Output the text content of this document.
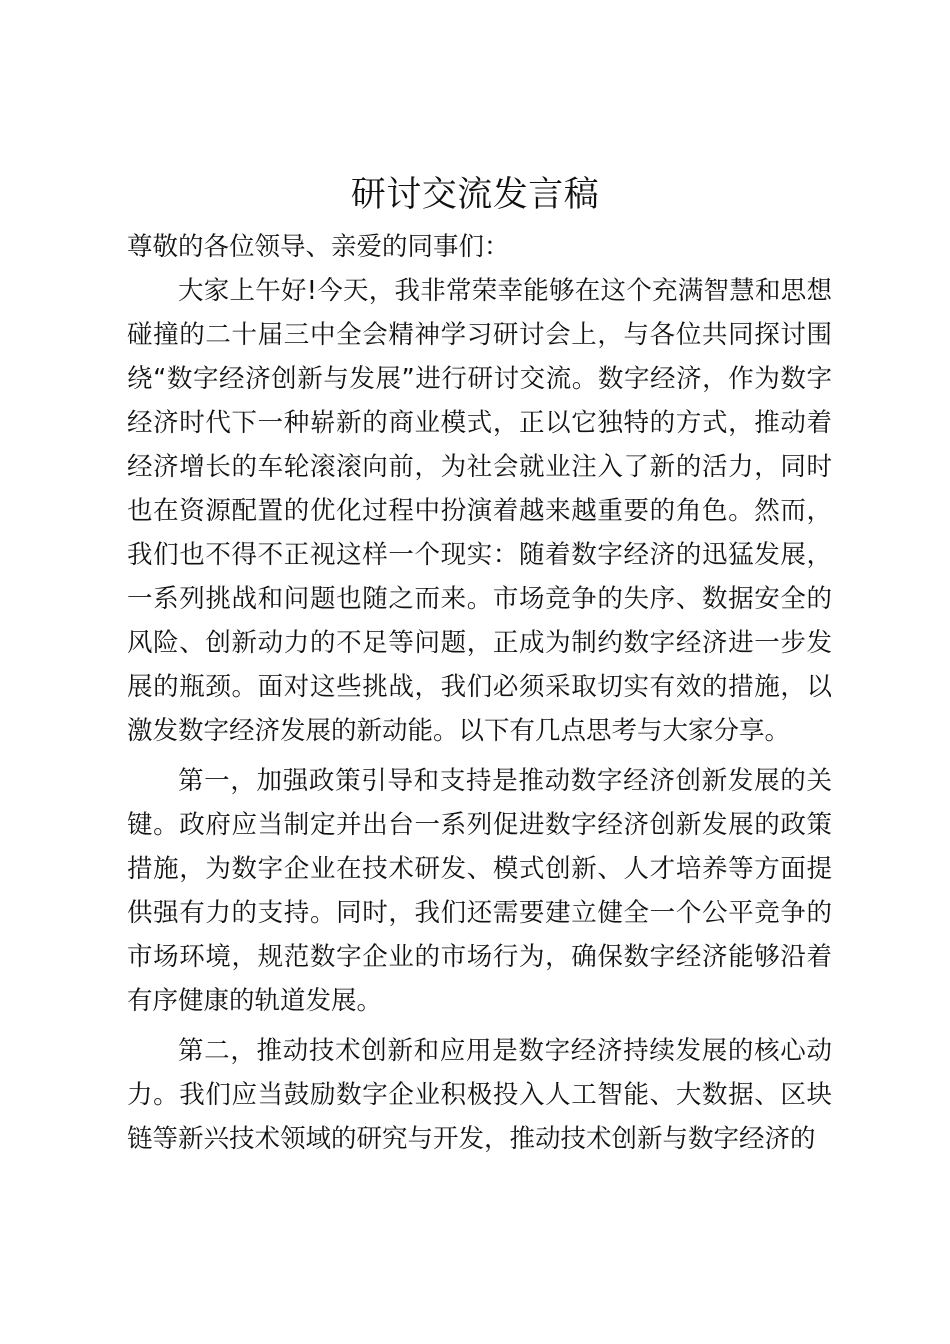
研讨交流发言稿

尊敬的各位领导、亲爱的同事们：

大家上午好!今天，我非常荣幸能够在这个充满智慧和思想碰撞的二十届三中全会精神学习研讨会上，与各位共同探讨围绕“数字经济创新与发展”进行研讨交流。数字经济，作为数字经济时代下一种崭新的商业模式，正以它独特的方式，推动着经济增长的车轮滚滚向前，为社会就业注入了新的活力，同时也在资源配置的优化过程中扮演着越来越重要的角色。然而，我们也不得不正视这样一个现实：随着数字经济的迅猛发展，一系列挑战和问题也随之而来。市场竞争的失序、数据安全的风险、创新动力的不足等问题，正成为制约数字经济进一步发展的瓶颈。面对这些挑战，我们必须采取切实有效的措施，以激发数字经济发展的新动能。以下有几点思考与大家分享。

第一，加强政策引导和支持是推动数字经济创新发展的关键。政府应当制定并出台一系列促进数字经济创新发展的政策措施，为数字企业在技术研发、模式创新、人才培养等方面提供强有力的支持。同时，我们还需要建立健全一个公平竞争的市场环境，规范数字企业的市场行为，确保数字经济能够沿着有序健康的轨道发展。

第二，推动技术创新和应用是数字经济持续发展的核心动力。我们应当鼓励数字企业积极投入人工智能、大数据、区块链等新兴技术领域的研究与开发，推动技术创新与数字经济的
